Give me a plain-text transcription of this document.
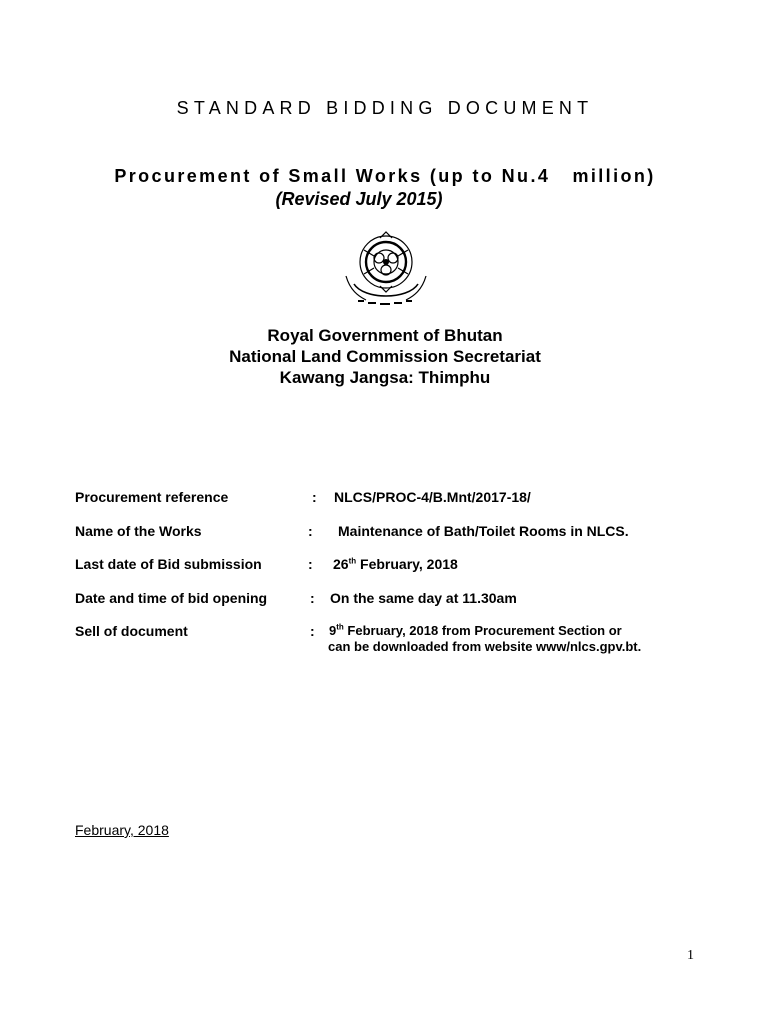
STANDARD BIDDING DOCUMENT
Procurement of Small Works (up to Nu.4   million)
(Revised July 2015)
Royal Government of Bhutan
National Land Commission Secretariat
Kawang Jangsa: Thimphu
Procurement reference	: NLCS/PROC-4/B.Mnt/2017-18/
Name of the Works	: Maintenance of Bath/Toilet Rooms in NLCS.
Last date of Bid submission	: 26th February, 2018
Date and time of bid opening	: On the same day at 11.30am
Sell of document	: 9th February, 2018 from Procurement Section or
can be downloaded from website www/nlcs.gpv.bt.
February, 2018
1
